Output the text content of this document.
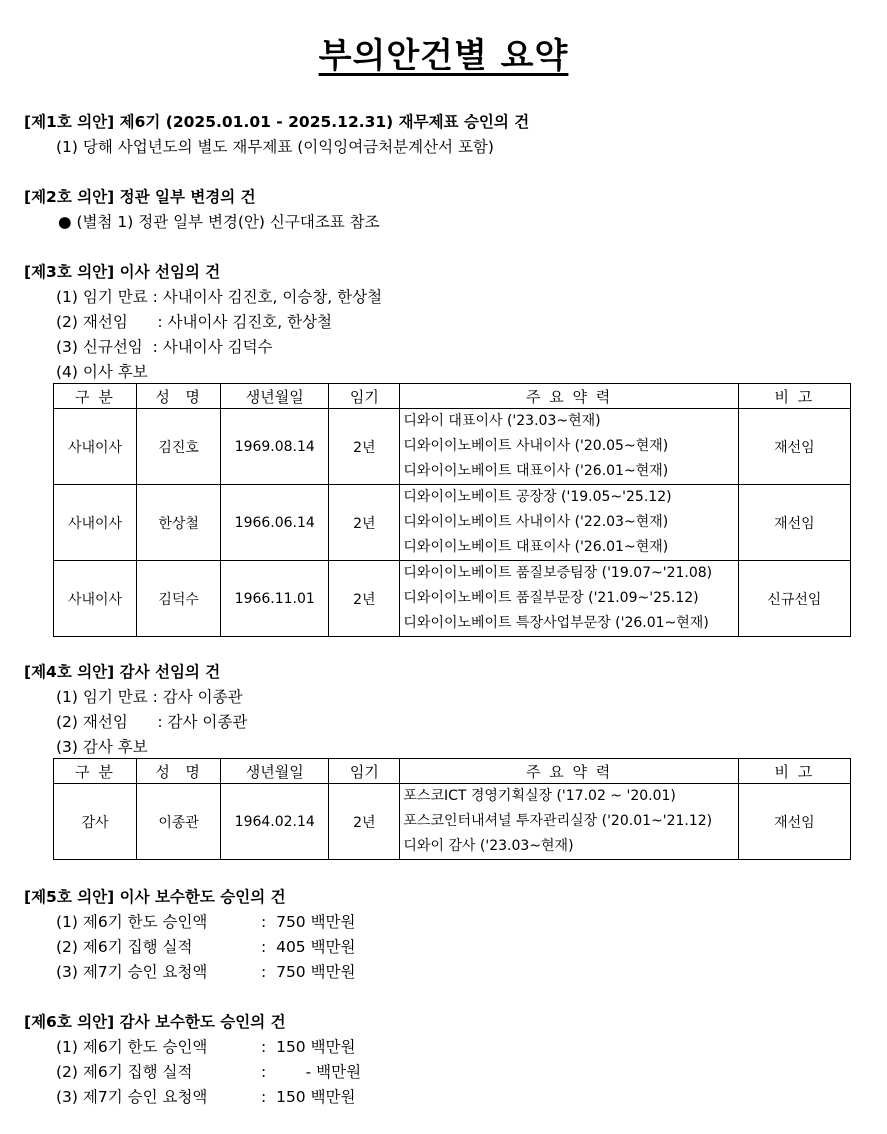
부의안건별 요약
[제1호 의안] 제6기 (2025.01.01 - 2025.12.31) 재무제표 승인의 건
(1) 당해 사업년도의 별도 재무제표 (이익잉여금처분계산서 포함)
[제2호 의안] 정관 일부 변경의 건
● (별첨 1) 정관 일부 변경(안) 신구대조표 참조
[제3호 의안] 이사 선임의 건
(1) 임기 만료 : 사내이사 김진호, 이승창, 한상철
(2) 재선임      : 사내이사 김진호, 한상철
(3) 신규선임  : 사내이사 김덕수
(4) 이사 후보
구 분	성  명	생년월일	임기	주 요 약 력	비 고
사내이사	김진호	1969.08.14	2년	디와이 대표이사 ('23.03~현재)
디와이이노베이트 사내이사 ('20.05~현재)
디와이이노베이트 대표이사 ('26.01~현재)	재선임
사내이사	한상철	1966.06.14	2년	디와이이노베이트 공장장 ('19.05~'25.12)
디와이이노베이트 사내이사 ('22.03~현재)
디와이이노베이트 대표이사 ('26.01~현재)	재선임
사내이사	김덕수	1966.11.01	2년	디와이이노베이트 품질보증팀장 ('19.07~'21.08)
디와이이노베이트 품질부문장 ('21.09~'25.12)
디와이이노베이트 특장사업부문장 ('26.01~현재)	신규선임
[제4호 의안] 감사 선임의 건
(1) 임기 만료 : 감사 이종관
(2) 재선임      : 감사 이종관
(3) 감사 후보
구 분	성  명	생년월일	임기	주 요 약 력	비 고
감사	이종관	1964.02.14	2년	포스코ICT 경영기획실장 ('17.02 ~ '20.01)
포스코인터내셔널 투자관리실장 ('20.01~'21.12)
디와이 감사 ('23.03~현재)	재선임
[제5호 의안] 이사 보수한도 승인의 건
(1) 제6기 한도 승인액	:  750 백만원
(2) 제6기 집행 실적	:  405 백만원
(3) 제7기 승인 요청액	:  750 백만원
[제6호 의안] 감사 보수한도 승인의 건
(1) 제6기 한도 승인액	:  150 백만원
(2) 제6기 집행 실적	:        - 백만원
(3) 제7기 승인 요청액	:  150 백만원
